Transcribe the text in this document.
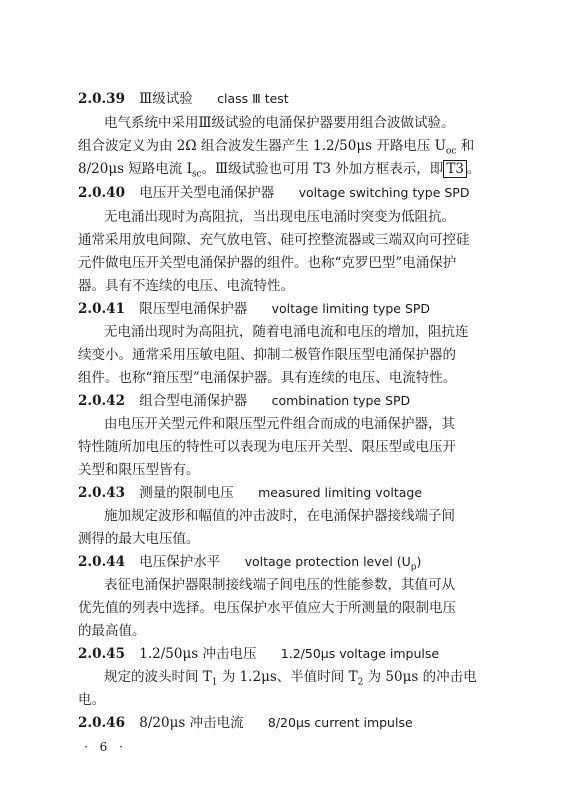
2.0.39 Ⅲ级试验 class Ⅲ test
电气系统中采用Ⅲ级试验的电涌保护器要用组合波做试验。
组合波定义为由 2Ω 组合波发生器产生 1.2/50μs 开路电压 $U_{oc}$ 和
8/20μs 短路电流 $I_{sc}$。Ⅲ级试验也可用 T3 外加方框表示，即 T3 。
2.0.40 电压开关型电涌保护器 voltage switching type SPD
无电涌出现时为高阻抗，当出现电压电涌时突变为低阻抗。
通常采用放电间隙、充气放电管、硅可控整流器或三端双向可控硅
元件做电压开关型电涌保护器的组件。也称“克罗巴型”电涌保护
器。具有不连续的电压、电流特性。
2.0.41 限压型电涌保护器 voltage limiting type SPD
无电涌出现时为高阻抗，随着电涌电流和电压的增加，阻抗连
续变小。通常采用压敏电阻、抑制二极管作限压型电涌保护器的
组件。也称“箝压型”电涌保护器。具有连续的电压、电流特性。
2.0.42 组合型电涌保护器 combination type SPD
由电压开关型元件和限压型元件组合而成的电涌保护器，其
特性随所加电压的特性可以表现为电压开关型、限压型或电压开
关型和限压型皆有。
2.0.43 测量的限制电压 measured limiting voltage
施加规定波形和幅值的冲击波时，在电涌保护器接线端子间
测得的最大电压值。
2.0.44 电压保护水平 voltage protection level $(U_p)$
表征电涌保护器限制接线端子间电压的性能参数，其值可从
优先值的列表中选择。电压保护水平值应大于所测量的限制电压
的最高值。
2.0.45 1.2/50μs 冲击电压 1.2/50μs voltage impulse
规定的波头时间 $T_1$ 为 1.2μs、半值时间 $T_2$ 为 50μs 的冲击电
电。
2.0.46 8/20μs 冲击电流 8/20μs current impulse
· 6 ·
